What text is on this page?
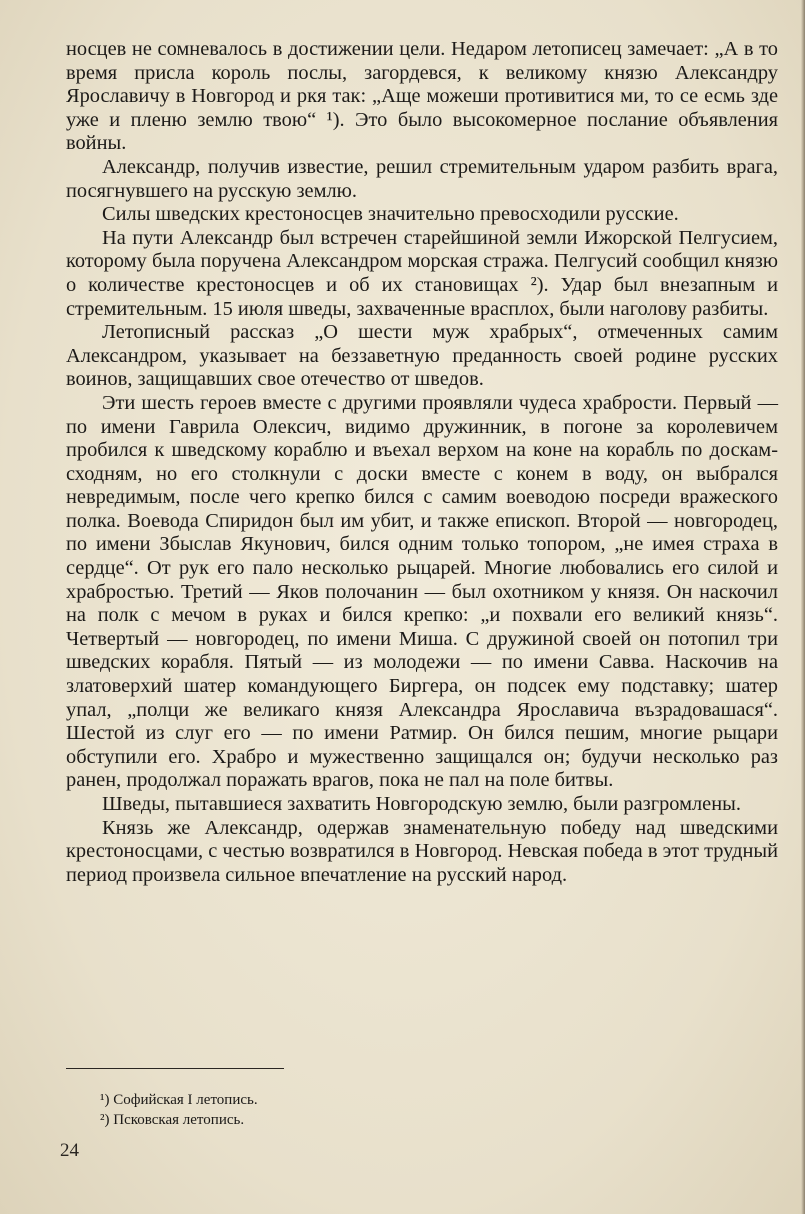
носцев не сомневалось в достижении цели. Недаром летописец замечает: „А в то время присла король послы, загордевся, к великому князю Александру Ярославичу в Новгород и ркя так: „Аще можеши противитися ми, то се есмь зде уже и пленю землю твою“ ¹). Это было высокомерное послание объявления войны.

Александр, получив известие, решил стремительным ударом разбить врага, посягнувшего на русскую землю.

Силы шведских крестоносцев значительно превосходили русские.

На пути Александр был встречен старейшиной земли Ижорской Пелгусием, которому была поручена Александром морская стража. Пелгусий сообщил князю о количестве крестоносцев и об их становищах ²). Удар был внезапным и стремительным. 15 июля шведы, захваченные врасплох, были наголову разбиты.

Летописный рассказ „О шести муж храбрых“, отмеченных самим Александром, указывает на беззаветную преданность своей родине русских воинов, защищавших свое отечество от шведов.

Эти шесть героев вместе с другими проявляли чудеса храбрости. Первый — по имени Гаврила Олексич, видимо дружинник, в погоне за королевичем пробился к шведскому кораблю и въехал верхом на коне на корабль по доскам-сходням, но его столкнули с доски вместе с конем в воду, он выбрался невредимым, после чего крепко бился с самим воеводою посреди вражеского полка. Воевода Спиридон был им убит, и также епископ. Второй — новгородец, по имени Збыслав Якунович, бился одним только топором, „не имея страха в сердце“. От рук его пало несколько рыцарей. Многие любовались его силой и храбростью. Третий — Яков полочанин — был охотником у князя. Он наскочил на полк с мечом в руках и бился крепко: „и похвали его великий князь“. Четвертый — новгородец, по имени Миша. С дружиной своей он потопил три шведских корабля. Пятый — из молодежи — по имени Савва. Наскочив на златоверхий шатер командующего Биргера, он подсек ему подставку; шатер упал, „полци же великаго князя Александра Ярославича възрадовашася“. Шестой из слуг его — по имени Ратмир. Он бился пешим, многие рыцари обступили его. Храбро и мужественно защищался он; будучи несколько раз ранен, продолжал поражать врагов, пока не пал на поле битвы.

Шведы, пытавшиеся захватить Новгородскую землю, были разгромлены.

Князь же Александр, одержав знаменательную победу над шведскими крестоносцами, с честью возвратился в Новгород. Невская победа в этот трудный период произвела сильное впечатление на русский народ.

¹) Софийская I летопись.
²) Псковская летопись.
24
